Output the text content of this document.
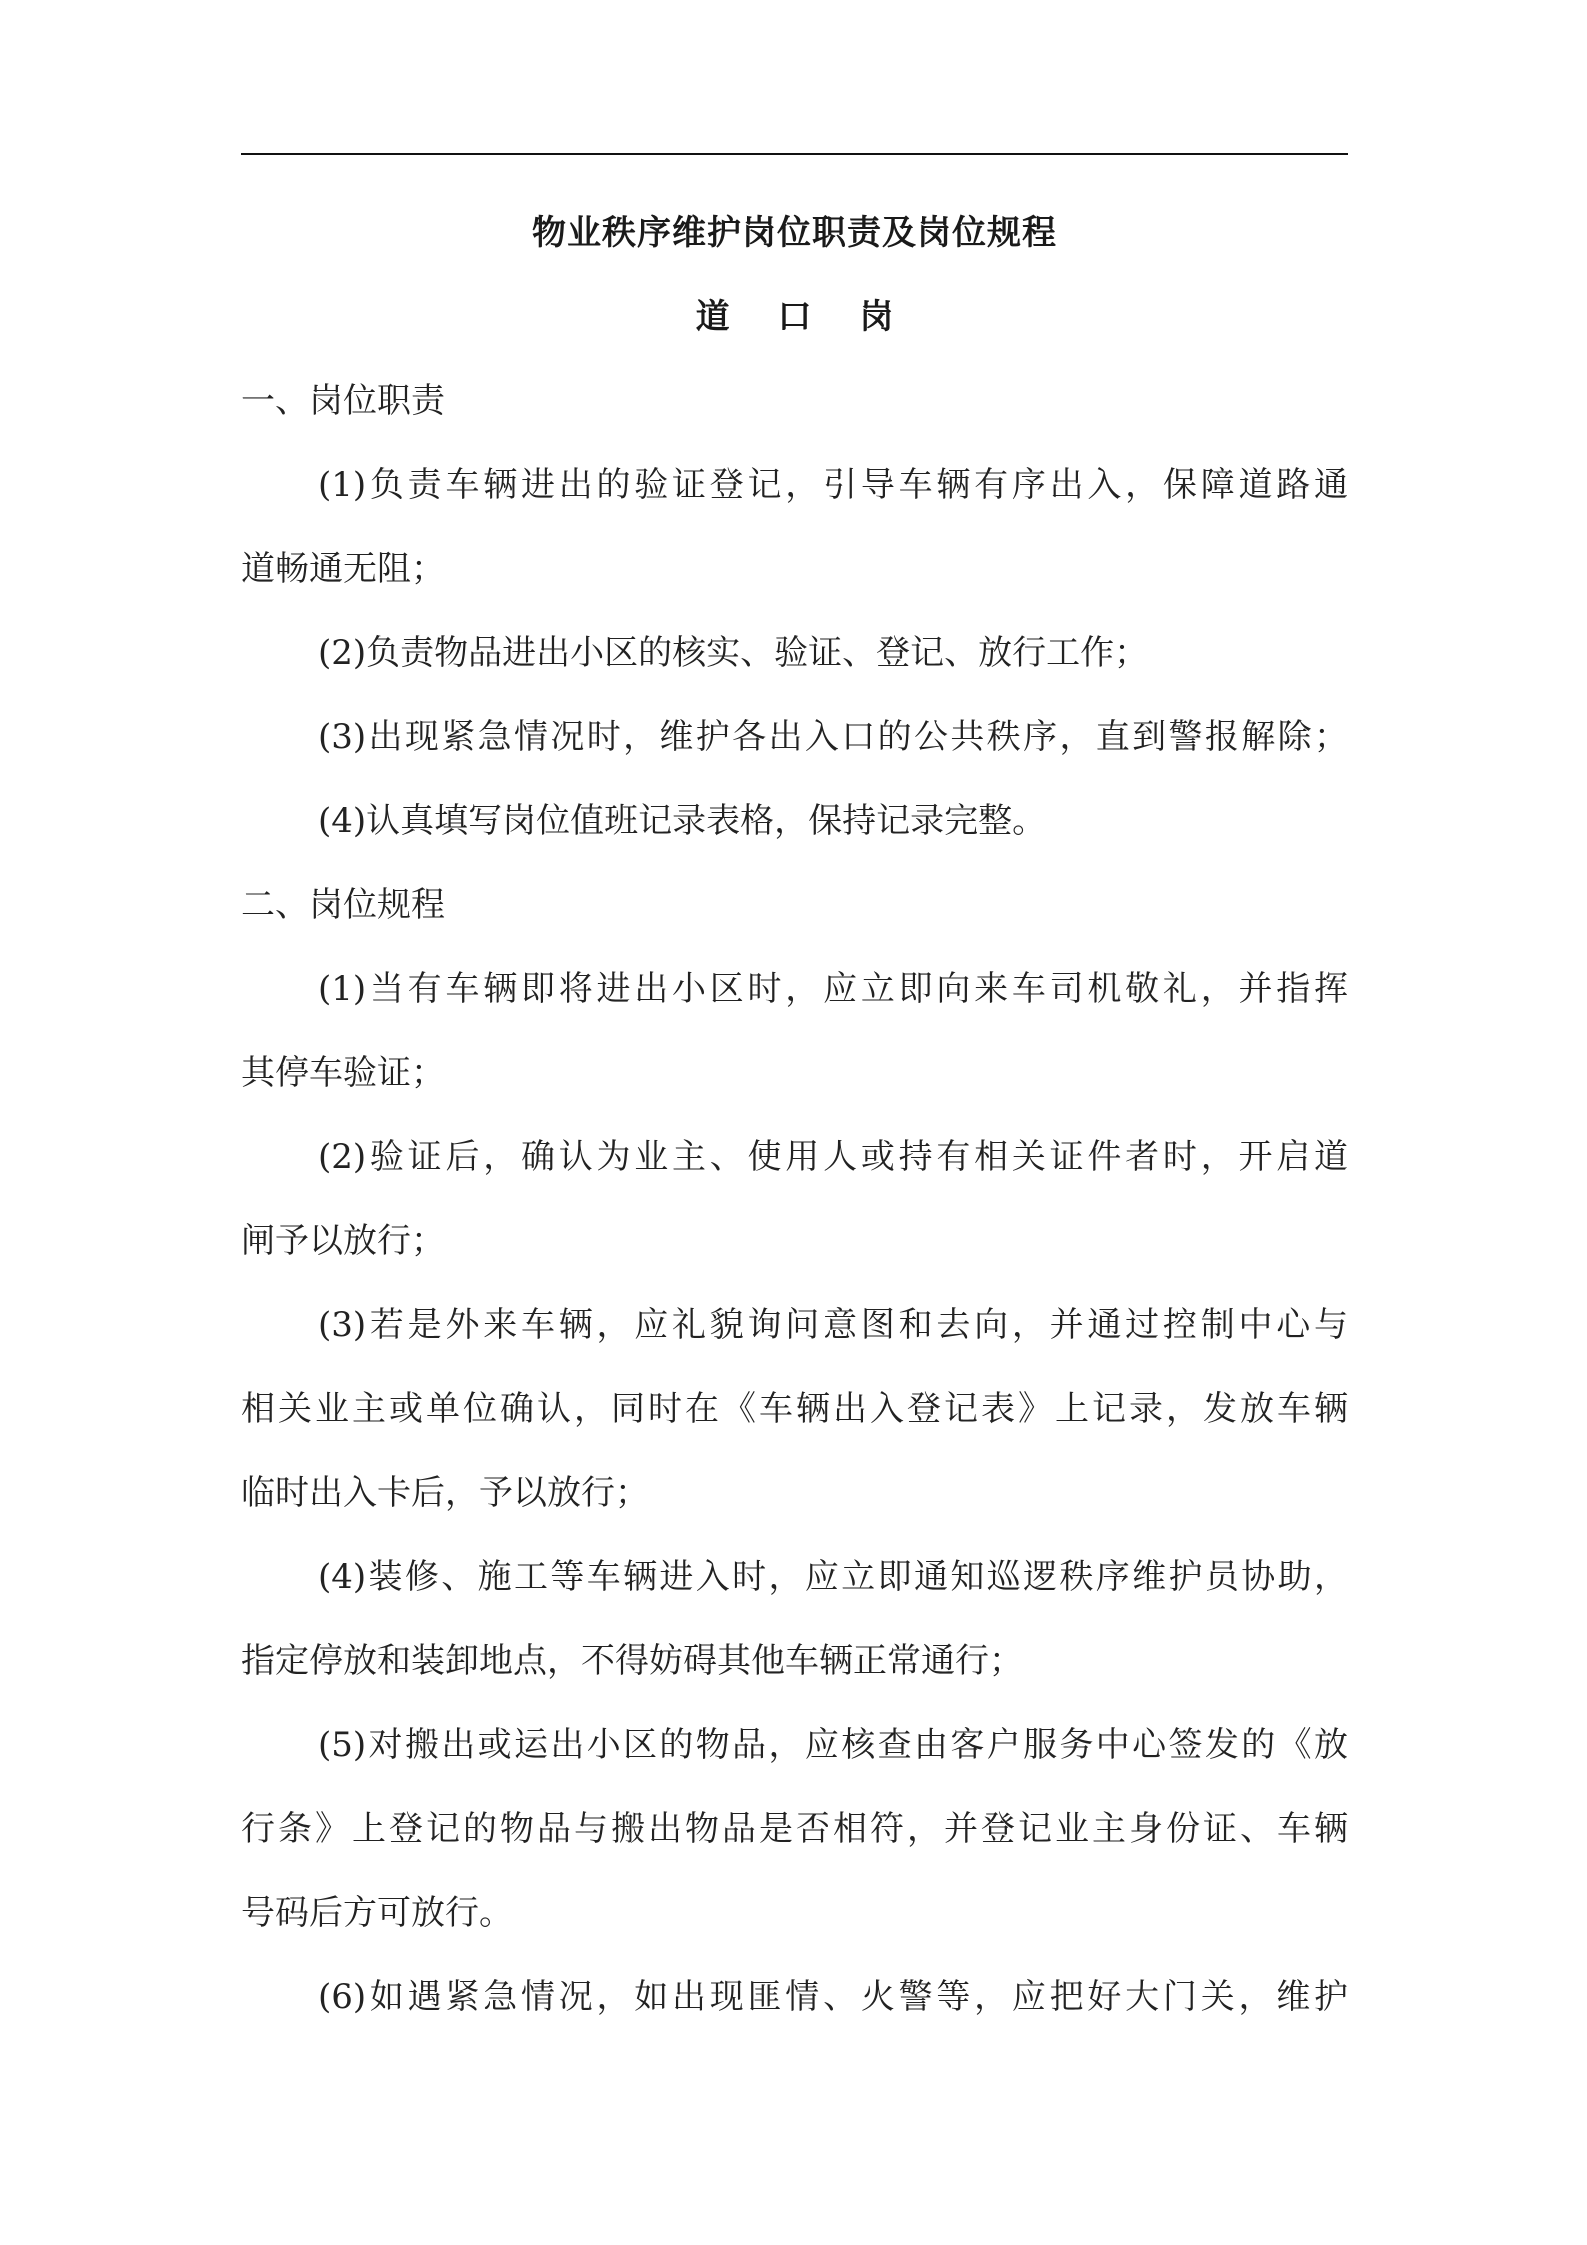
物业秩序维护岗位职责及岗位规程
道 口 岗
一、岗位职责
(1)负责车辆进出的验证登记，引导车辆有序出入，保障道路通
道畅通无阻；
(2)负责物品进出小区的核实、验证、登记、放行工作；
(3)出现紧急情况时，维护各出入口的公共秩序，直到警报解除；
(4)认真填写岗位值班记录表格，保持记录完整。
二、岗位规程
(1)当有车辆即将进出小区时，应立即向来车司机敬礼，并指挥
其停车验证；
(2)验证后，确认为业主、使用人或持有相关证件者时，开启道
闸予以放行；
(3)若是外来车辆，应礼貌询问意图和去向，并通过控制中心与
相关业主或单位确认，同时在《车辆出入登记表》上记录，发放车辆
临时出入卡后，予以放行；
(4)装修、施工等车辆进入时，应立即通知巡逻秩序维护员协助，
指定停放和装卸地点，不得妨碍其他车辆正常通行；
(5)对搬出或运出小区的物品，应核查由客户服务中心签发的《放
行条》上登记的物品与搬出物品是否相符，并登记业主身份证、车辆
号码后方可放行。
(6)如遇紧急情况，如出现匪情、火警等，应把好大门关，维护
